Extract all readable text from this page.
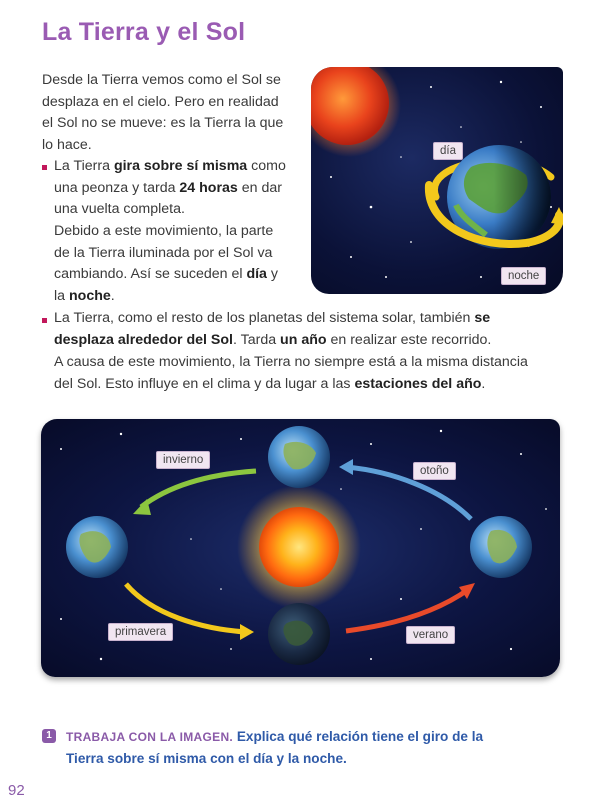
La Tierra y el Sol

Desde la Tierra vemos como el Sol se desplaza en el cielo. Pero en realidad el Sol no se mueve: es la Tierra la que lo hace.

La Tierra gira sobre sí misma como una peonza y tarda 24 horas en dar una vuelta completa.

Debido a este movimiento, la parte de la Tierra iluminada por el Sol va cambiando. Así se suceden el día y la noche.

La Tierra, como el resto de los planetas del sistema solar, también se desplaza alrededor del Sol. Tarda un año en realizar este recorrido.

A causa de este movimiento, la Tierra no siempre está a la misma distancia del Sol. Esto influye en el clima y da lugar a las estaciones del año.

día
noche
invierno
otoño
primavera	verano
1	TRABAJA CON LA IMAGEN. Explica qué relación tiene el giro de la Tierra sobre sí misma con el día y la noche.

92
